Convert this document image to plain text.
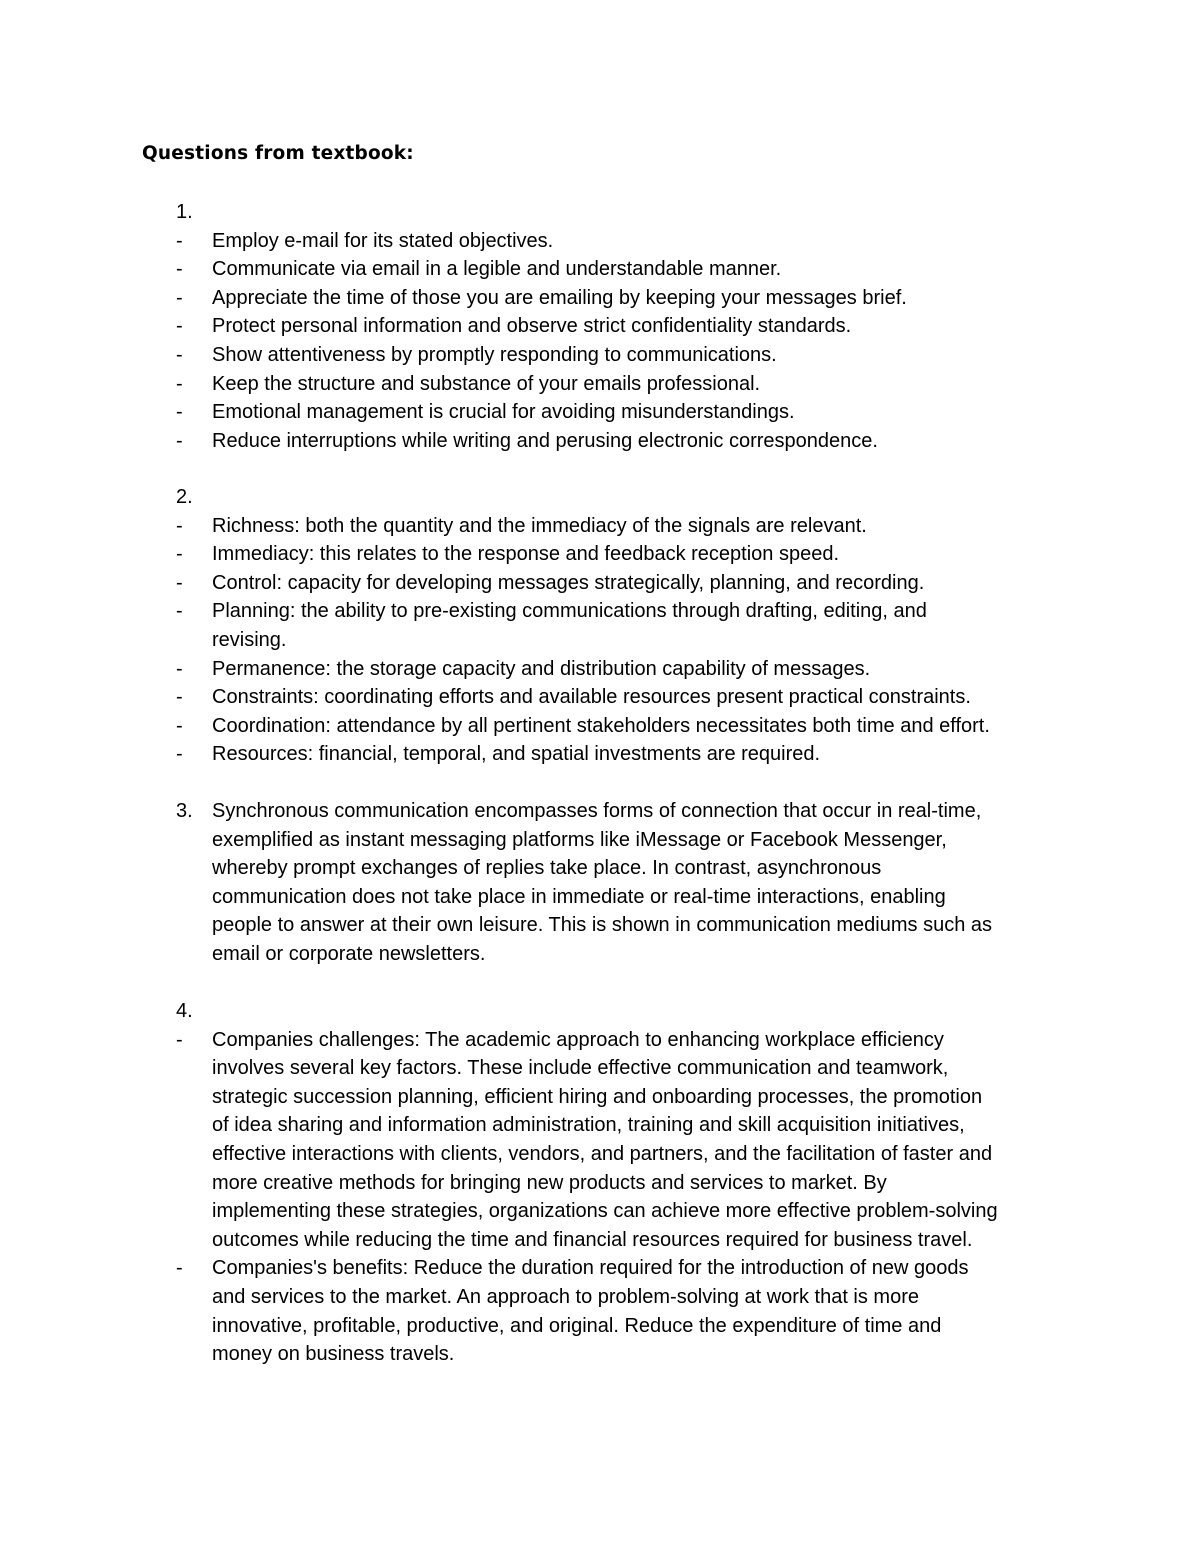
Questions from textbook:
1.
- Employ e-mail for its stated objectives.
- Communicate via email in a legible and understandable manner.
- Appreciate the time of those you are emailing by keeping your messages brief.
- Protect personal information and observe strict confidentiality standards.
- Show attentiveness by promptly responding to communications.
- Keep the structure and substance of your emails professional.
- Emotional management is crucial for avoiding misunderstandings.
- Reduce interruptions while writing and perusing electronic correspondence.
2.
- Richness: both the quantity and the immediacy of the signals are relevant.
- Immediacy: this relates to the response and feedback reception speed.
- Control: capacity for developing messages strategically, planning, and recording.
- Planning: the ability to pre-existing communications through drafting, editing, and
revising.
- Permanence: the storage capacity and distribution capability of messages.
- Constraints: coordinating efforts and available resources present practical constraints.
- Coordination: attendance by all pertinent stakeholders necessitates both time and effort.
- Resources: financial, temporal, and spatial investments are required.
3. Synchronous communication encompasses forms of connection that occur in real-time,
exemplified as instant messaging platforms like iMessage or Facebook Messenger,
whereby prompt exchanges of replies take place. In contrast, asynchronous
communication does not take place in immediate or real-time interactions, enabling
people to answer at their own leisure. This is shown in communication mediums such as
email or corporate newsletters.
4.
- Companies challenges: The academic approach to enhancing workplace efficiency
involves several key factors. These include effective communication and teamwork,
strategic succession planning, efficient hiring and onboarding processes, the promotion
of idea sharing and information administration, training and skill acquisition initiatives,
effective interactions with clients, vendors, and partners, and the facilitation of faster and
more creative methods for bringing new products and services to market. By
implementing these strategies, organizations can achieve more effective problem-solving
outcomes while reducing the time and financial resources required for business travel.
- Companies's benefits: Reduce the duration required for the introduction of new goods
and services to the market. An approach to problem-solving at work that is more
innovative, profitable, productive, and original. Reduce the expenditure of time and
money on business travels.
